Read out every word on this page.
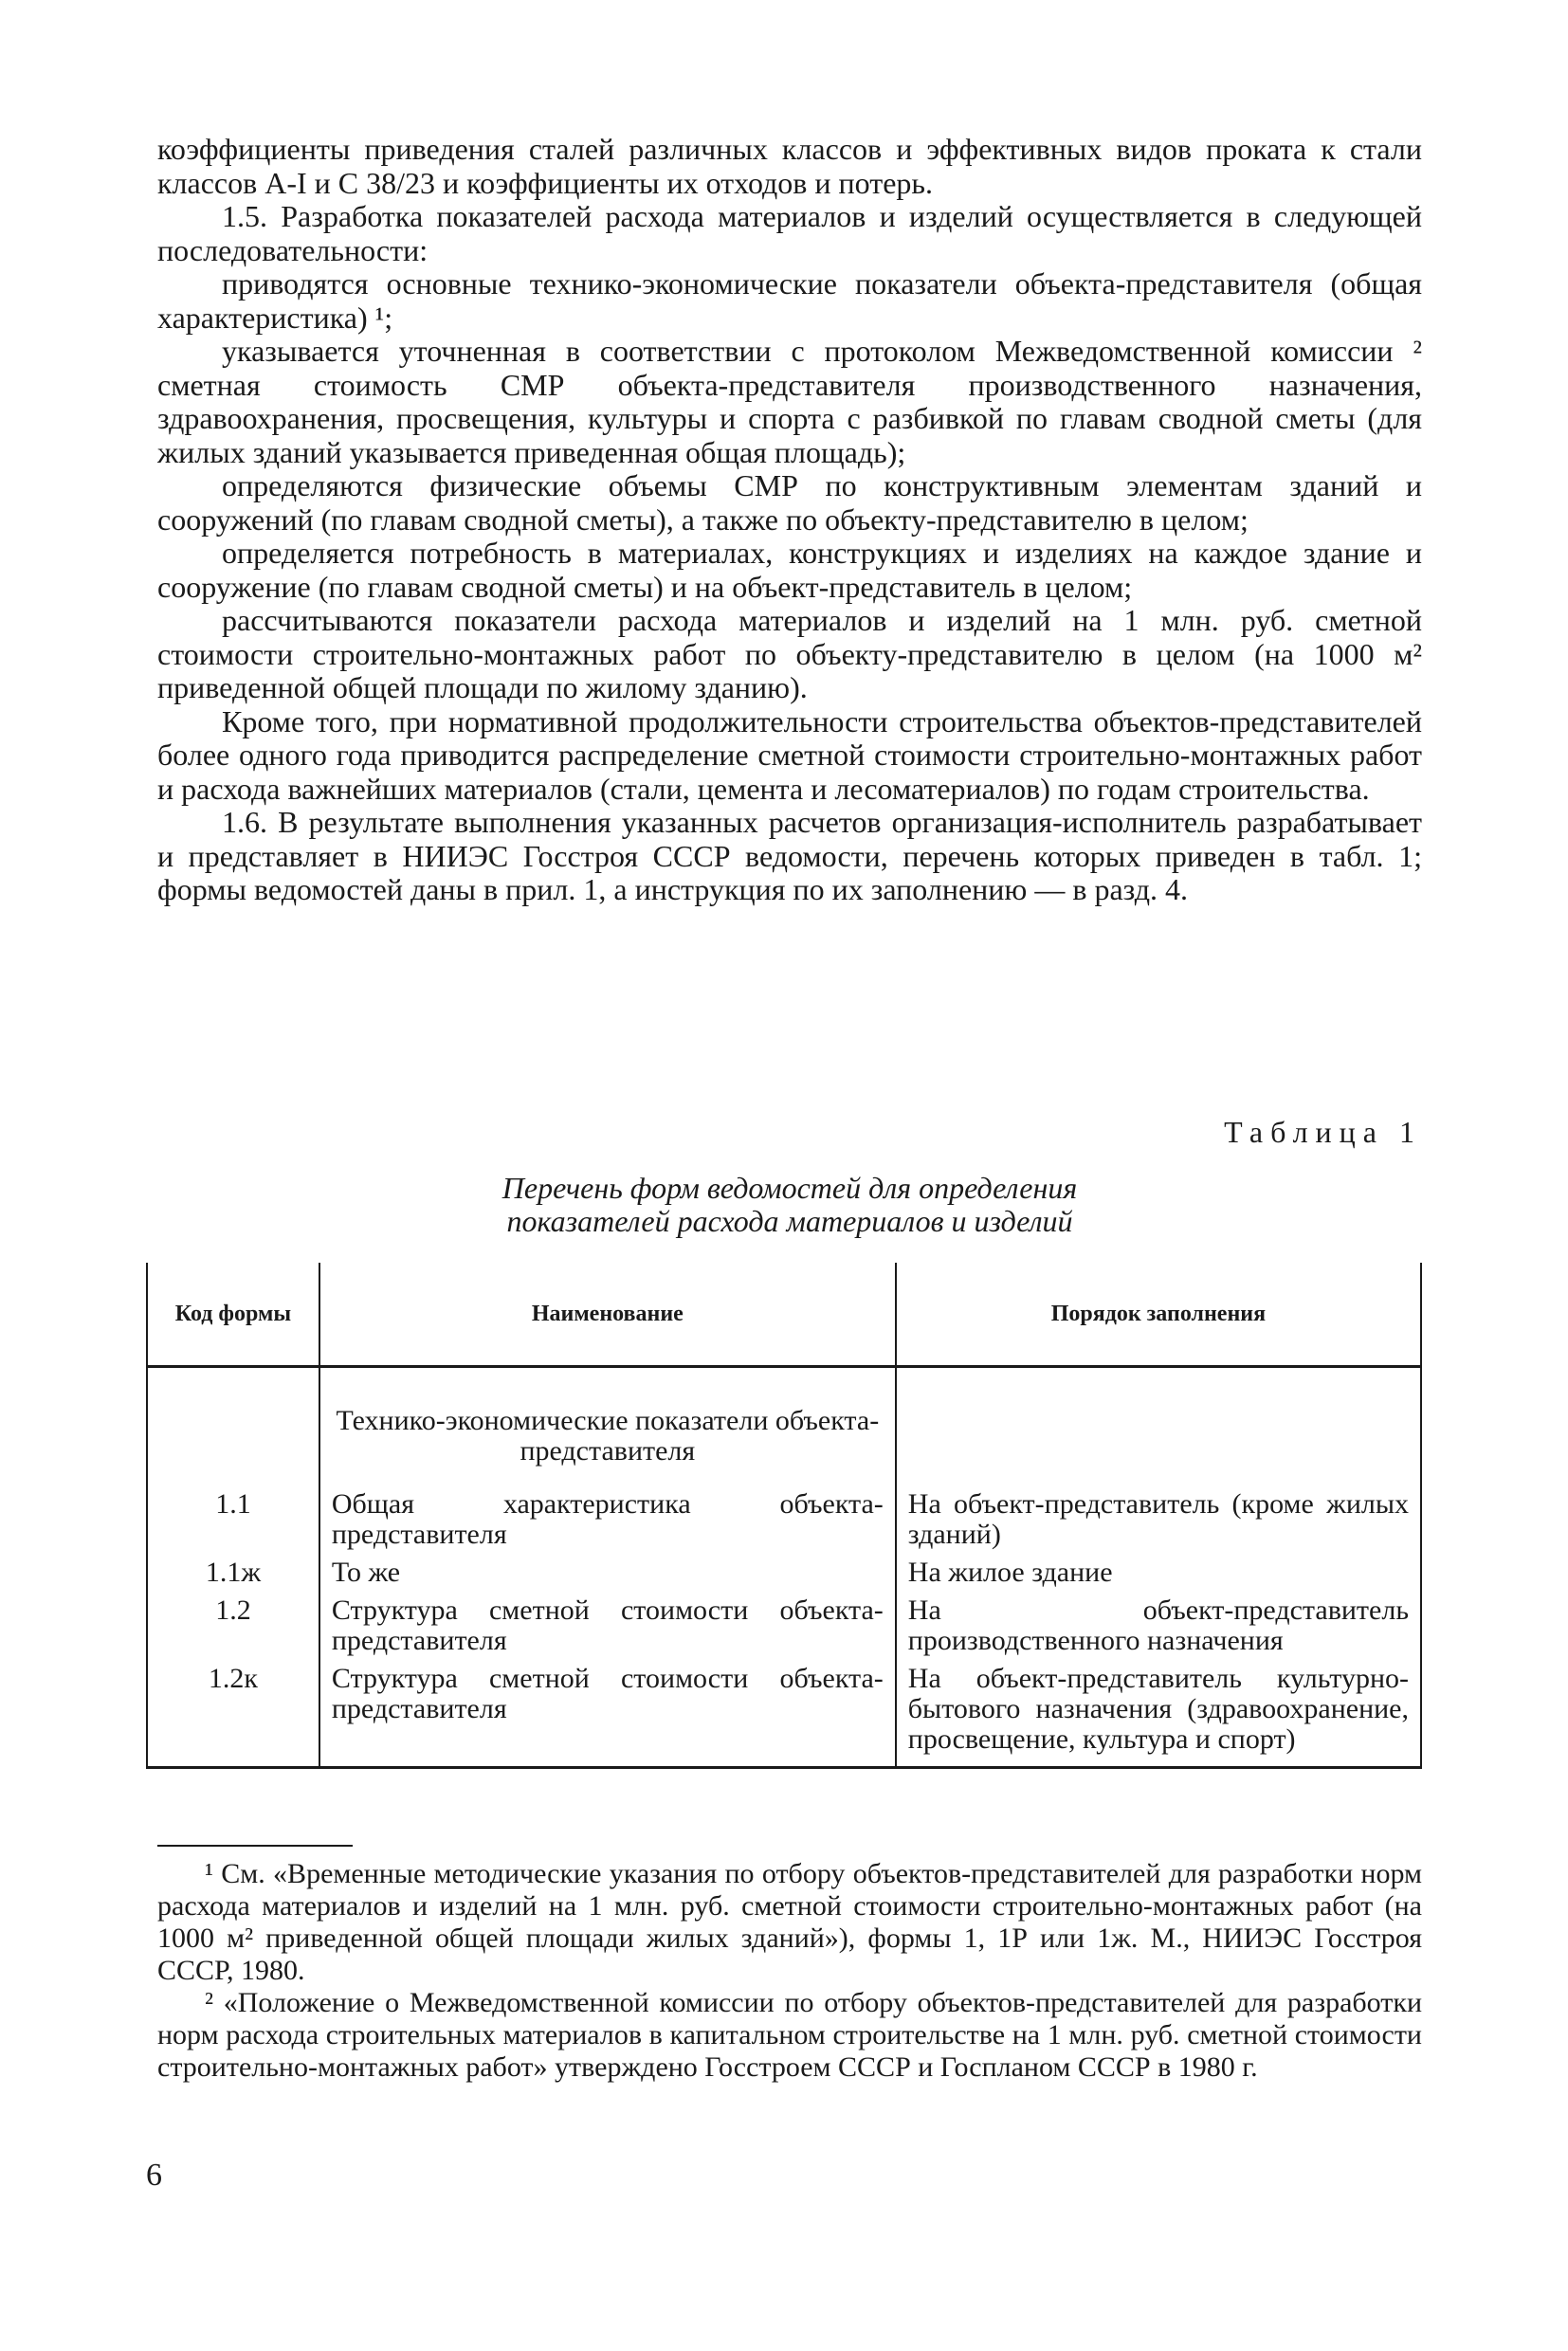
коэффициенты приведения сталей различных классов и эффективных видов проката к стали классов А-I и С 38/23 и коэффициенты их отходов и потерь.

1.5. Разработка показателей расхода материалов и изделий осуществляется в следующей последовательности:

приводятся основные технико-экономические показатели объекта-представителя (общая характеристика) ¹;

указывается уточненная в соответствии с протоколом Межведомственной комиссии ² сметная стоимость СМР объекта-представителя производственного назначения, здравоохранения, просвещения, культуры и спорта с разбивкой по главам сводной сметы (для жилых зданий указывается приведенная общая площадь);

определяются физические объемы СМР по конструктивным элементам зданий и сооружений (по главам сводной сметы), а также по объекту-представителю в целом;

определяется потребность в материалах, конструкциях и изделиях на каждое здание и сооружение (по главам сводной сметы) и на объект-представитель в целом;

рассчитываются показатели расхода материалов и изделий на 1 млн. руб. сметной стоимости строительно-монтажных работ по объекту-представителю в целом (на 1000 м² приведенной общей площади по жилому зданию).

Кроме того, при нормативной продолжительности строительства объектов-представителей более одного года приводится распределение сметной стоимости строительно-монтажных работ и расхода важнейших материалов (стали, цемента и лесоматериалов) по годам строительства.

1.6. В результате выполнения указанных расчетов организация-исполнитель разрабатывает и представляет в НИИЭС Госстроя СССР ведомости, перечень которых приведен в табл. 1; формы ведомостей даны в прил. 1, а инструкция по их заполнению — в разд. 4.

Таблица 1
Перечень форм ведомостей для определения
показателей расхода материалов и изделий
Код формы	Наименование	Порядок заполнения
	Технико-экономические показатели объекта-представителя	
1.1	Общая характеристика объекта-представителя	На объект-представитель (кроме жилых зданий)
1.1ж	То же	На жилое здание
1.2	Структура сметной стоимости объекта-представителя	На объект-представитель производственного назначения
1.2к	Структура сметной стоимости объекта-представителя	На объект-представитель культурно-бытового назначения (здравоохранение, просвещение, культура и спорт)

¹ См. «Временные методические указания по отбору объектов-представителей для разработки норм расхода материалов и изделий на 1 млн. руб. сметной стоимости строительно-монтажных работ (на 1000 м² приведенной общей площади жилых зданий»), формы 1, 1Р или 1ж. М., НИИЭС Госстроя СССР, 1980.

² «Положение о Межведомственной комиссии по отбору объектов-представителей для разработки норм расхода строительных материалов в капитальном строительстве на 1 млн. руб. сметной стоимости строительно-монтажных работ» утверждено Госстроем СССР и Госпланом СССР в 1980 г.

6
